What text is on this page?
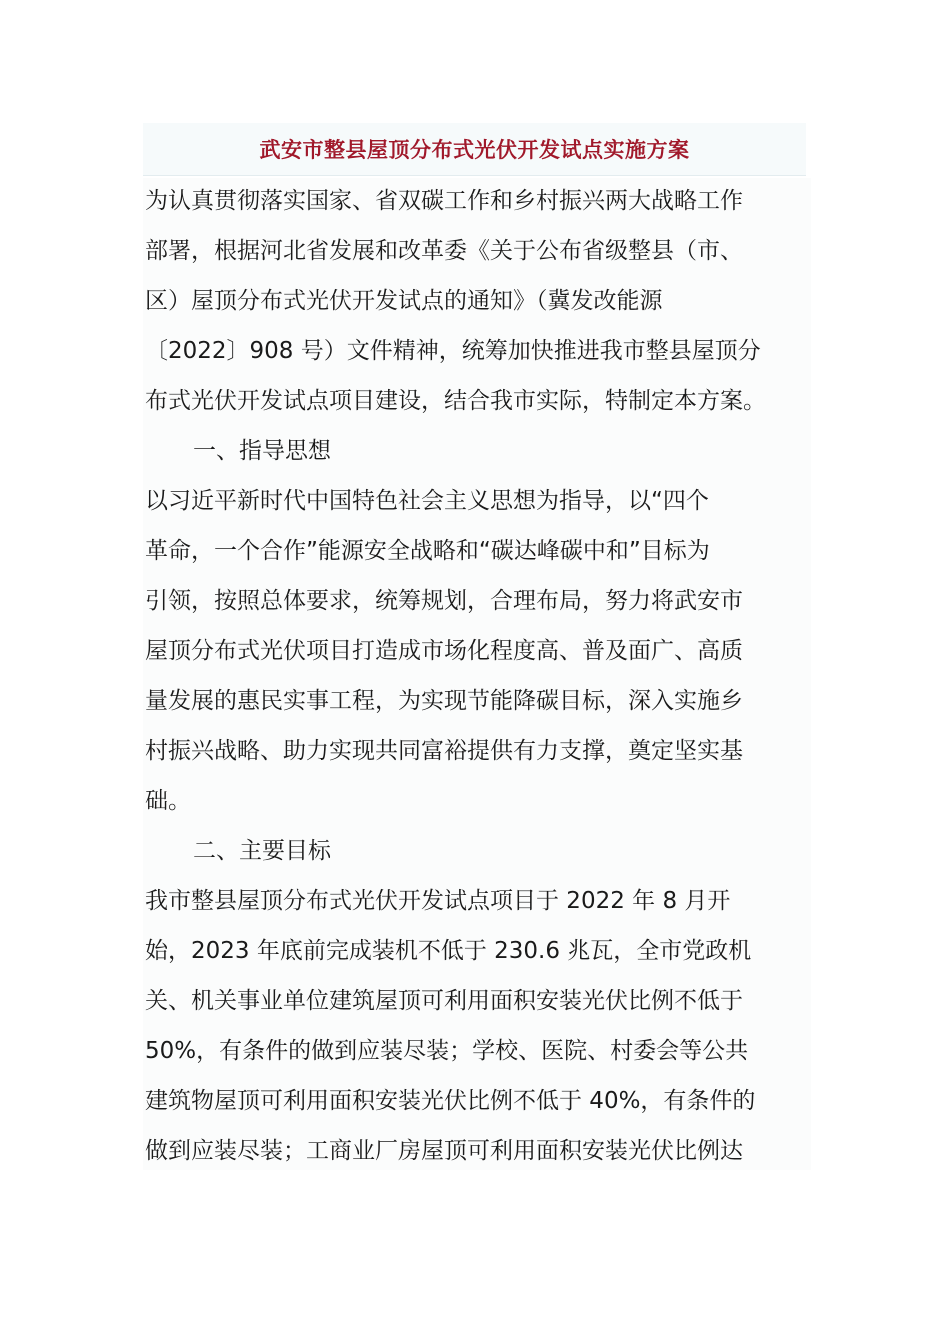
武安市整县屋顶分布式光伏开发试点实施方案
为认真贯彻落实国家、省双碳工作和乡村振兴两大战略工作
部署，根据河北省发展和改革委《关于公布省级整县（市、
区）屋顶分布式光伏开发试点的通知》（冀发改能源
〔2022〕908 号）文件精神，统筹加快推进我市整县屋顶分
布式光伏开发试点项目建设，结合我市实际，特制定本方案。
一、指导思想
以习近平新时代中国特色社会主义思想为指导，以“四个
革命，一个合作”能源安全战略和“碳达峰碳中和”目标为
引领，按照总体要求，统筹规划，合理布局，努力将武安市
屋顶分布式光伏项目打造成市场化程度高、普及面广、高质
量发展的惠民实事工程，为实现节能降碳目标，深入实施乡
村振兴战略、助力实现共同富裕提供有力支撑，奠定坚实基
础。
二、主要目标
我市整县屋顶分布式光伏开发试点项目于 2022 年 8 月开
始，2023 年底前完成装机不低于 230.6 兆瓦，全市党政机
关、机关事业单位建筑屋顶可利用面积安装光伏比例不低于
50%，有条件的做到应装尽装；学校、医院、村委会等公共
建筑物屋顶可利用面积安装光伏比例不低于 40%，有条件的
做到应装尽装；工商业厂房屋顶可利用面积安装光伏比例达
